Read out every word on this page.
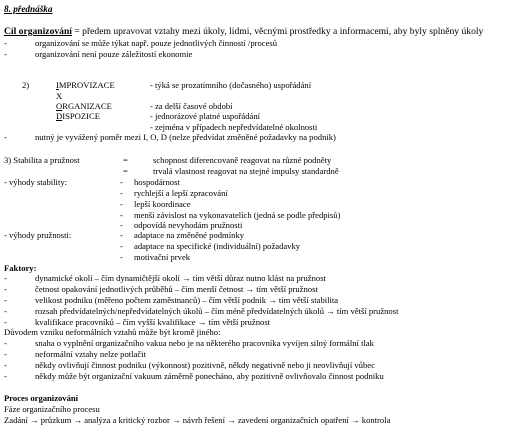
8. přednáška
Cíl organizování = předem upravovat vztahy mezi úkoly, lidmi, věcnými prostředky a informacemi, aby byly splněny úkoly
-	organizování se může týkat např. pouze jednotlivých činností /procesů
-	organizování není pouze záležitostí ekonomie
2)	IMPROVIZACE	- týká se prozatímního (dočasného) uspořádání
X
ORGANIZACE	- za delší časové období
DISPOZICE	- jednorázové platné uspořádání
- zejména v případech nepředvídatelné okolnosti
-	nutný je vyvážený poměr mezi I, O, D (nelze předvídat změněné požadavky na podnik)
3) Stabilita a pružnost	=	schopnost diferencovaně reagovat na různé podněty
=	trvalá vlastnost reagovat na stejné impulsy standardně
- výhody stability:	- hospodárnost
- rychlejší a lepší zpracování
- lepší koordinace
- menší závislost na vykonavatelích (jedná se podle předpisů)
- odpovídá nevyhodám pružnosti
- výhody pružnosti:	- adaptace na změněné podmínky
- adaptace na specifické (individuální) požadavky
- motivační prvek
Faktory:
-	dynamické okolí – čím dynamičtější okolí → tím větší důraz nutno klást na pružnost
-	četnost opakování jednotlivých průběhů – čím menší četnost → tím větší pružnost
-	velikost podniku (měřeno počtem zaměstnanců) – čím větší podnik → tím větší stabilita
-	rozsah předvídatelných/nepředvídatelných úkolů – čím méně předvídatelných úkolů → tím větší pružnost
-	kvalifikace pracovníků – čím vyšší kvalifikace → tím větší pružnost
Důvodem vzniku neformálních vztahů může být kromě jiného:
-	snaha o vyplnění organizačního vakua nebo je na některého pracovníka vyvíjen silný formální tlak
-	neformální vztahy nelze potlačit
-	někdy ovlivňují činnost podniku (výkonnost) pozitivně, někdy negativně nebo ji neovlivňují vůbec
-	někdy může být organizační vakuum záměrně ponecháno, aby pozitivně ovlivňovalo činnost podniku
Proces organizování
Fáze organizačního procesu
Zadání → průzkum → analýza a kritický rozbor → návrh řešení → zavedení organizačních opatření → kontrola
